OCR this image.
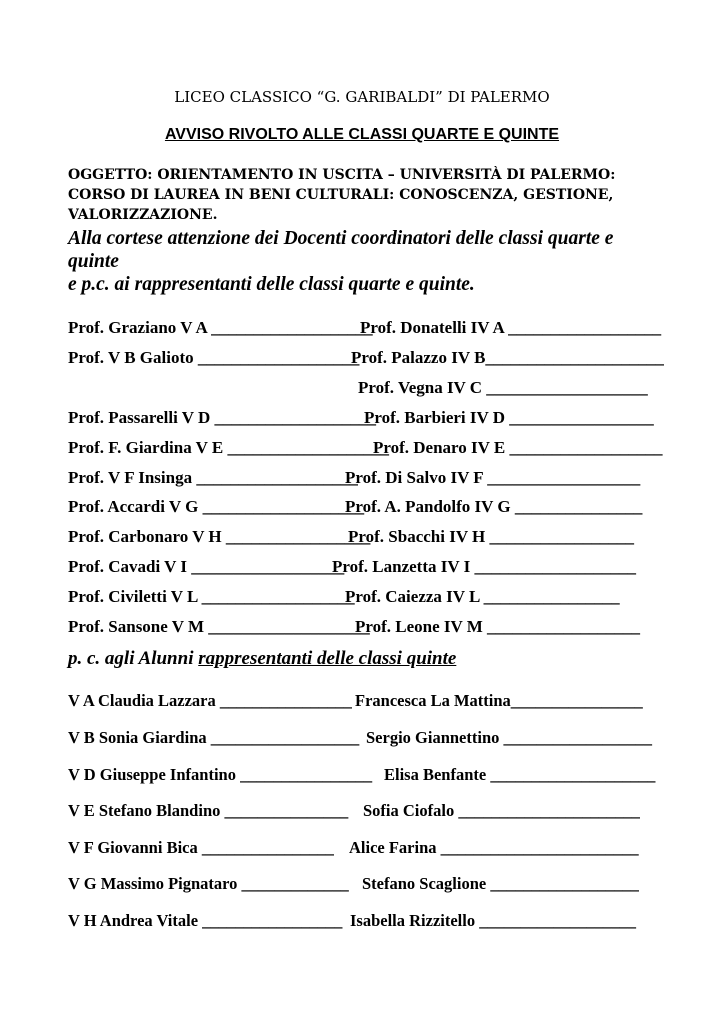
LICEO CLASSICO “G. GARIBALDI” DI PALERMO
AVVISO RIVOLTO ALLE CLASSI QUARTE E QUINTE
OGGETTO: ORIENTAMENTO IN USCITA – UNIVERSITÀ DI PALERMO: CORSO DI LAUREA IN BENI CULTURALI: CONOSCENZA, GESTIONE, VALORIZZAZIONE.
Alla cortese attenzione dei Docenti coordinatori delle classi quarte e quinte
e p.c. ai rappresentanti delle classi quarte e quinte.
Prof. Graziano V A ___________________
Prof. Donatelli IV A __________________
Prof. V B Galioto ___________________
Prof. Palazzo IV B_____________________
Prof. Vegna IV C ___________________
Prof. Passarelli V D ___________________
Prof. Barbieri IV D _________________
Prof. F. Giardina V E ___________________
Prof. Denaro IV E __________________
Prof. V F Insinga ___________________
Prof. Di Salvo IV F __________________
Prof. Accardi V G ___________________
Prof. A. Pandolfo IV G _______________
Prof. Carbonaro V H _________________
Prof. Sbacchi IV H _________________
Prof. Cavadi V I __________________
Prof. Lanzetta IV I ___________________
Prof. Civiletti V L __________________
Prof. Caiezza IV L ________________
Prof. Sansone V M ___________________
Prof. Leone IV M __________________
p. c. agli Alunni rappresentanti delle classi quinte
V A Claudia Lazzara ________________ Francesca La Mattina________________
V B Sonia Giardina __________________ Sergio Giannettino __________________
V D Giuseppe Infantino ________________ Elisa Benfante ____________________
V E Stefano Blandino _______________ Sofia Ciofalo ______________________
V F Giovanni Bica ________________ Alice Farina ________________________
V G Massimo Pignataro _____________ Stefano Scaglione __________________
V H Andrea Vitale _________________ Isabella Rizzitello ___________________
